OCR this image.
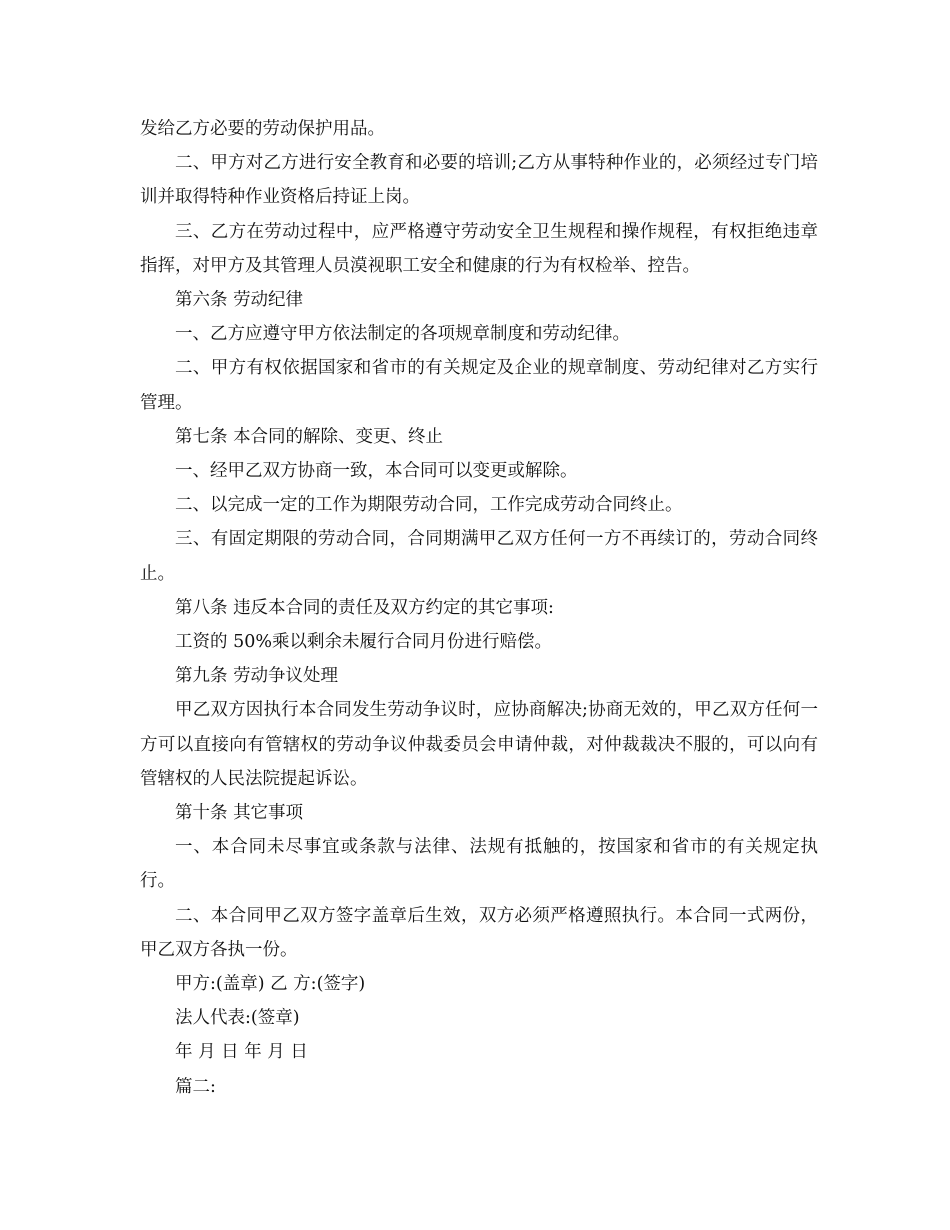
发给乙方必要的劳动保护用品。

二、甲方对乙方进行安全教育和必要的培训;乙方从事特种作业的，必须经过专门培训并取得特种作业资格后持证上岗。

三、乙方在劳动过程中，应严格遵守劳动安全卫生规程和操作规程，有权拒绝违章指挥，对甲方及其管理人员漠视职工安全和健康的行为有权检举、控告。

第六条 劳动纪律

一、乙方应遵守甲方依法制定的各项规章制度和劳动纪律。

二、甲方有权依据国家和省市的有关规定及企业的规章制度、劳动纪律对乙方实行管理。

第七条 本合同的解除、变更、终止

一、经甲乙双方协商一致，本合同可以变更或解除。

二、以完成一定的工作为期限劳动合同，工作完成劳动合同终止。

三、有固定期限的劳动合同，合同期满甲乙双方任何一方不再续订的，劳动合同终止。

第八条 违反本合同的责任及双方约定的其它事项:

工资的 50%乘以剩余未履行合同月份进行赔偿。

第九条 劳动争议处理

甲乙双方因执行本合同发生劳动争议时，应协商解决;协商无效的，甲乙双方任何一方可以直接向有管辖权的劳动争议仲裁委员会申请仲裁，对仲裁裁决不服的，可以向有管辖权的人民法院提起诉讼。

第十条 其它事项

一、本合同未尽事宜或条款与法律、法规有抵触的，按国家和省市的有关规定执行。

二、本合同甲乙双方签字盖章后生效，双方必须严格遵照执行。本合同一式两份，甲乙双方各执一份。

甲方:(盖章) 乙 方:(签字)

法人代表:(签章)

年 月 日 年 月 日

篇二:
